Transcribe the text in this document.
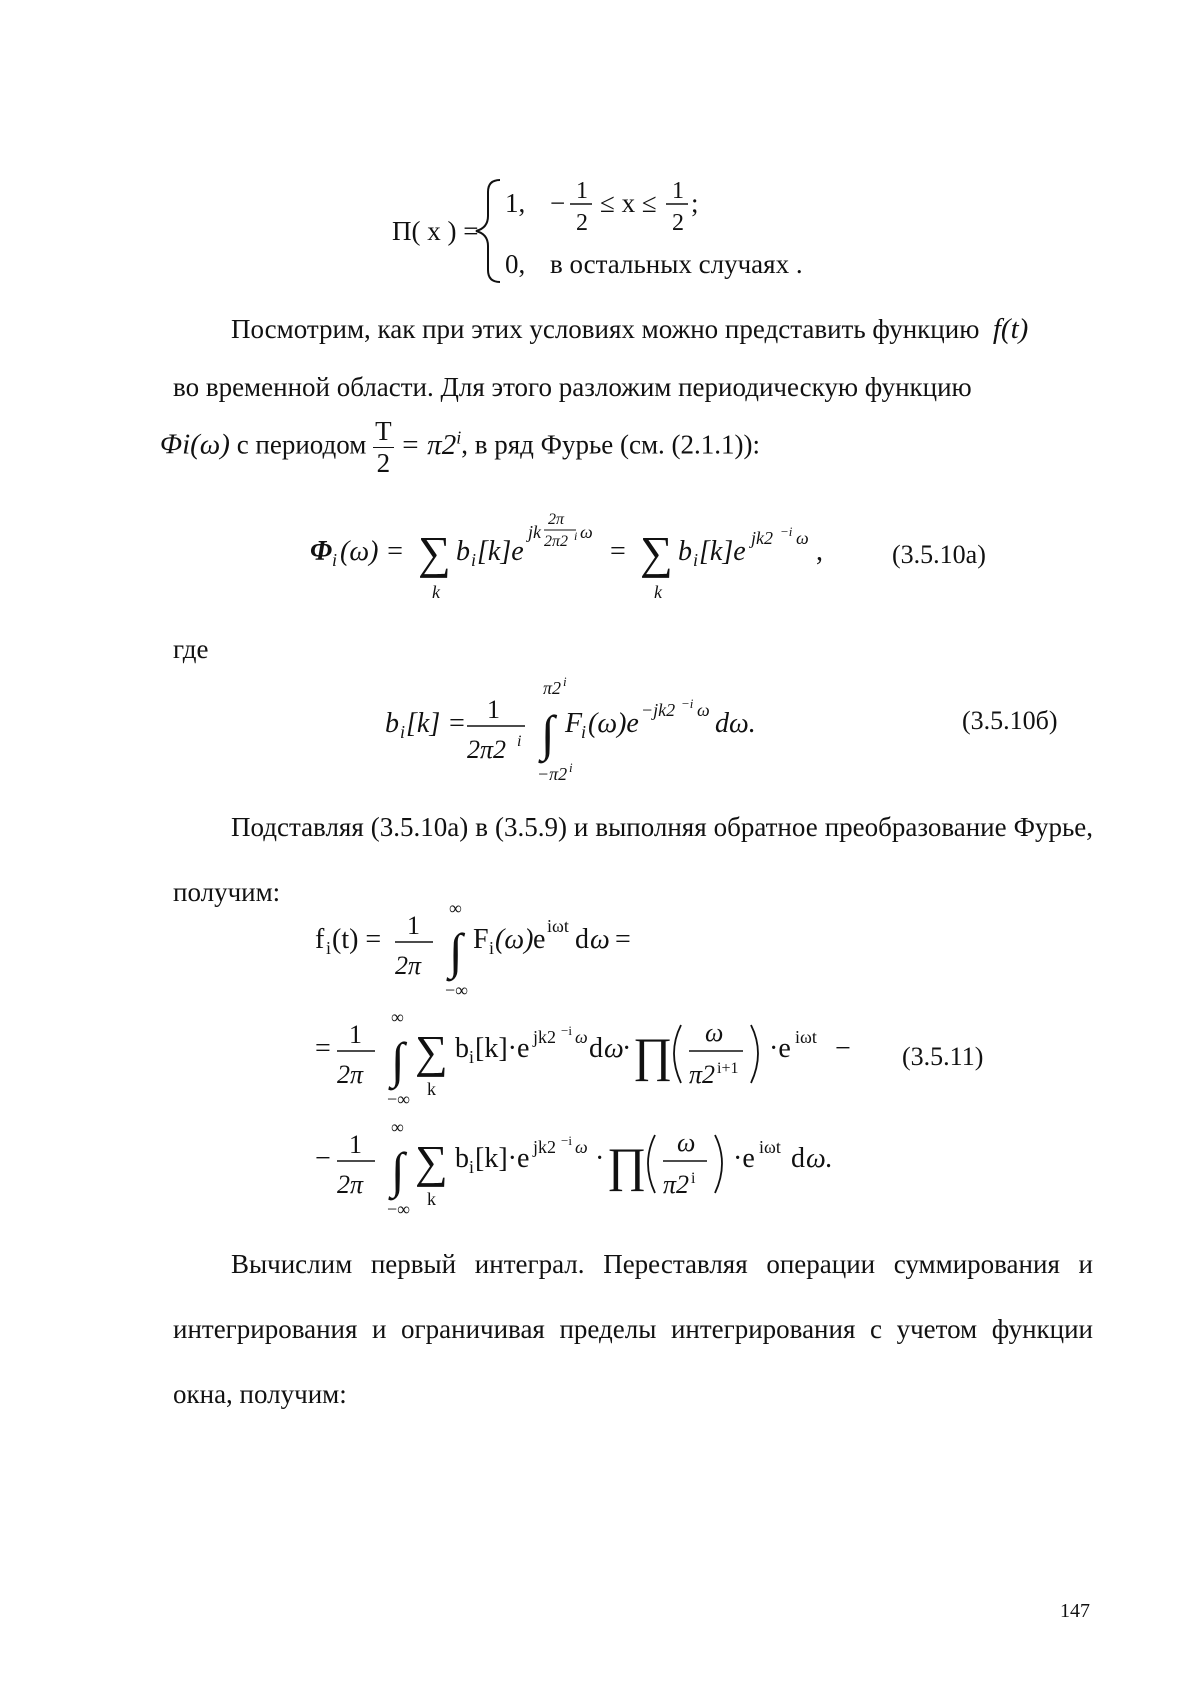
Π( x ) =
1, − 1
2
≤ x ≤ 1
2
;
0, в остальных случаях .
Посмотрим, как при этих условиях можно представить функцию f(t)
во временной области. Для этого разложим периодическую функцию
Φi(ω) с периодом $\frac{T}{2} = \pi 2^i$, в ряд Фурье (см. (2.1.1)):
Φ i (ω) = ∑
k
b i [k]e
jk
2π
2π2 i ω
= ∑
k
b i [k]e jk2 −i ω ,	(3.5.10а)
где
b i [k] = 1
2π2 i
π2 i
∫
−π2 i
F
i (ω)e −jk2 −i ω dω.	(3.5.10б)
Подставляя (3.5.10а) в (3.5.9) и выполняя обратное преобразование Фурье, получим:
f i (t) = 1
2π
∞
∫
−∞
F i (ω) e iωt d ω =
= 1
2π
∞
∫
−∞
∑
k
b i [k]·e jk2 −i ω d ω
· ∏ ω
π2 i+1
·e iωt − (3.5.11)
− 1
2π
∞
∫
−∞
∑
k
b i [k]·e jk2 −i ω · ∏ ω
π2 i
·e iωt d ω.
Вычислим первый интеграл. Переставляя операции суммирования и интегрирования и ограничивая пределы интегрирования с учетом функции окна, получим:
147
